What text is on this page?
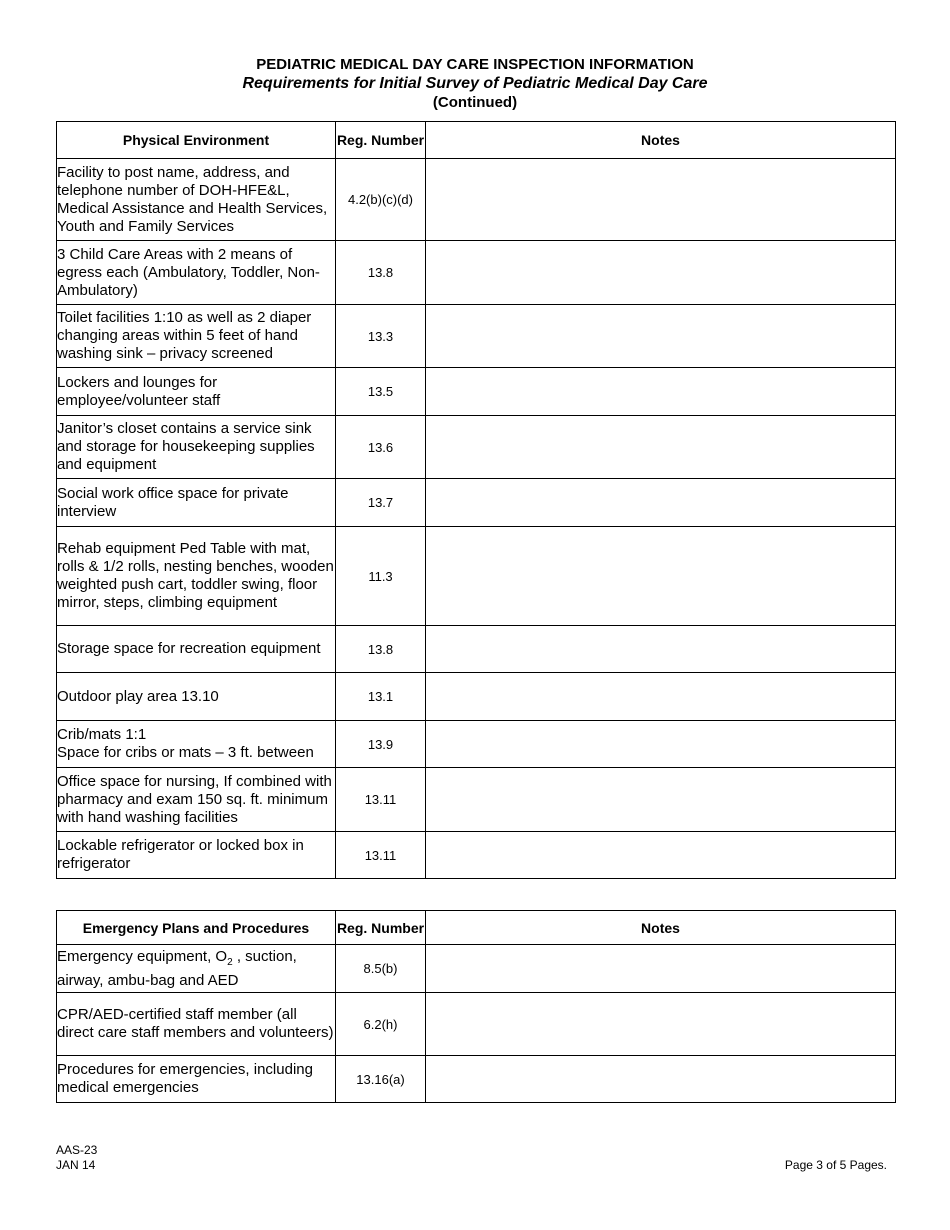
PEDIATRIC MEDICAL DAY CARE INSPECTION INFORMATION
Requirements for Initial Survey of Pediatric Medical Day Care
(Continued)
Physical Environment	Reg. Number	Notes
Facility to post name, address, and telephone number of DOH-HFE&L, Medical Assistance and Health Services, Youth and Family Services	4.2(b)(c)(d)	
3 Child Care Areas with 2 means of egress each (Ambulatory, Toddler, Non-Ambulatory)	13.8	
Toilet facilities 1:10 as well as 2 diaper changing areas within 5 feet of hand washing sink – privacy screened	13.3	
Lockers and lounges for employee/volunteer staff	13.5	
Janitor’s closet contains a service sink and storage for housekeeping supplies and equipment	13.6	
Social work office space for private interview	13.7	
Rehab equipment Ped Table with mat, rolls & 1/2 rolls, nesting benches, wooden weighted push cart, toddler swing, floor mirror, steps, climbing equipment	11.3	
Storage space for recreation equipment	13.8	
Outdoor play area 13.10	13.1	
Crib/mats 1:1
Space for cribs or mats – 3 ft. between	13.9	
Office space for nursing, If combined with pharmacy and exam 150 sq. ft. minimum with hand washing facilities	13.11	
Lockable refrigerator or locked box in refrigerator	13.11	
Emergency Plans and Procedures	Reg. Number	Notes
Emergency equipment, $O_2$ , suction, airway, ambu-bag and AED	8.5(b)	
CPR/AED-certified staff member (all direct care staff members and volunteers)	6.2(h)	
Procedures for emergencies, including medical emergencies	13.16(a)	
AAS-23
JAN 14	Page 3 of 5 Pages.
